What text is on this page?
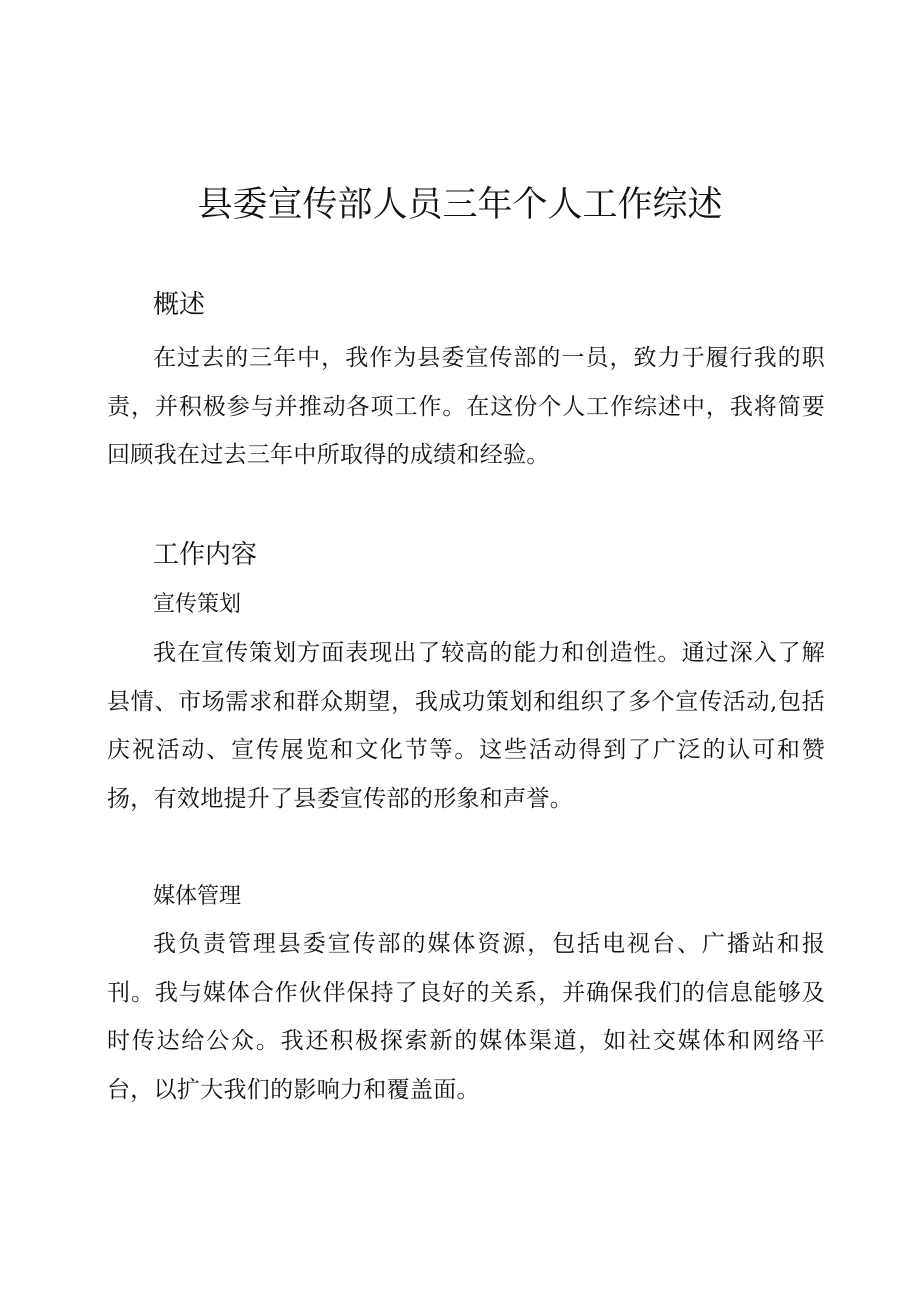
县委宣传部人员三年个人工作综述
概述

在过去的三年中，我作为县委宣传部的一员，致力于履行我的职责，并积极参与并推动各项工作。在这份个人工作综述中，我将简要回顾我在过去三年中所取得的成绩和经验。

工作内容
宣传策划

我在宣传策划方面表现出了较高的能力和创造性。通过深入了解县情、市场需求和群众期望，我成功策划和组织了多个宣传活动,包括庆祝活动、宣传展览和文化节等。这些活动得到了广泛的认可和赞扬，有效地提升了县委宣传部的形象和声誉。

媒体管理

我负责管理县委宣传部的媒体资源，包括电视台、广播站和报刊。我与媒体合作伙伴保持了良好的关系，并确保我们的信息能够及时传达给公众。我还积极探索新的媒体渠道，如社交媒体和网络平台，以扩大我们的影响力和覆盖面。
